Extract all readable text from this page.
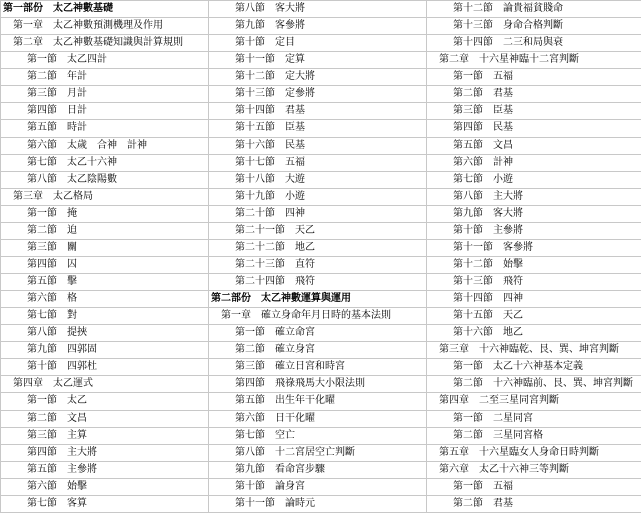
第一部份　太乙神數基礎	第八節　客大將	第十二節　論貴福貧賤命
第一章　太乙神數預測機理及作用	第九節　客參將	第十三節　身命合格判斷
第二章　太乙神數基礎知識與計算規則	第十節　定目	第十四節　二三和局與衰
第一節　太乙四計	第十一節　定算	第二章　十六星神臨十二宮判斷
第二節　年計	第十二節　定大將	第一節　五福
第三節　月計	第十三節　定參將	第二節　君基
第四節　日計	第十四節　君基	第三節　臣基
第五節　時計	第十五節　臣基	第四節　民基
第六節　太歲　合神　計神	第十六節　民基	第五節　文昌
第七節　太乙十六神	第十七節　五福	第六節　計神
第八節　太乙陰陽數	第十八節　大遊	第七節　小遊
第三章　太乙格局	第十九節　小遊	第八節　主大將
第一節　掩	第二十節　四神	第九節　客大將
第二節　迫	第二十一節　天乙	第十節　主參將
第三節　關	第二十二節　地乙	第十一節　客參將
第四節　囚	第二十三節　直符	第十二節　始擊
第五節　擊	第二十四節　飛符	第十三節　飛符
第六節　格	第二部份　太乙神數運算與運用	第十四節　四神
第七節　對	第一章　確立身命年月日時的基本法則	第十五節　天乙
第八節　提挾	第一節　確立命宮	第十六節　地乙
第九節　四郭固	第二節　確立身宮	第三章　十六神臨乾、艮、巽、坤宮判斷
第十節　四郭杜	第三節　確立日宮和時宮	第一節　太乙十六神基本定義
第四章　太乙運式	第四節　飛祿飛馬大小限法則	第二節　十六神臨前、艮、巽、坤宮判斷
第一節　太乙	第五節　出生年干化曜	第四章　二至三星同宮判斷
第二節　文昌	第六節　日干化曜	第一節　二星同宮
第三節　主算	第七節　空亡	第二節　三星同宮格
第四節　主大將	第八節　十二宮居空亡判斷	第五章　十六星臨女人身命日時判斷
第五節　主參將	第九節　看命宮步驟	第六章　太乙十六神三等判斷
第六節　始擊	第十節　論身宮	第一節　五福
第七節　客算	第十一節　論時元	第二節　君基
